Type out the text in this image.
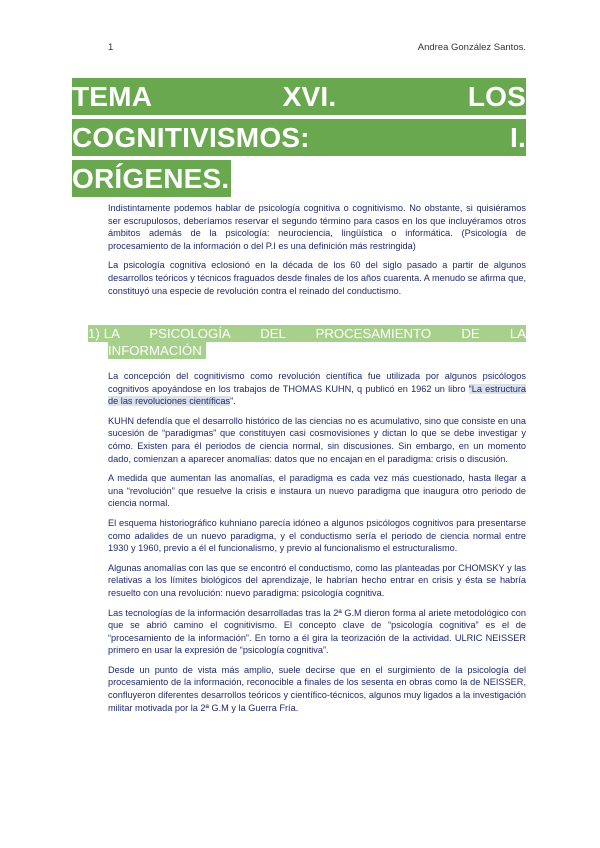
1	Andrea González Santos.
TEMA XVI. LOS
COGNITIVISMOS: I.
ORÍGENES.

Indistintamente podemos hablar de psicología cognitiva o cognitivismo. No obstante, si quisiéramos ser escrupulosos, deberíamos reservar el segundo término para casos en los que incluyéramos otros ámbitos además de la psicología: neurociencia, lingüística o informática. (Psicología de procesamiento de la información o del P.I es una definición más restringida)

La psicología cognitiva eclosionó en la década de los 60 del siglo pasado a partir de algunos desarrollos teóricos y técnicos fraguados desde finales de los años cuarenta. A menudo se afirma que, constituyó una especie de revolución contra el reinado del conductismo.

1) LA PSICOLOGÍA DEL PROCESAMIENTO DE LA
INFORMACIÓN

La concepción del cognitivismo como revolución científica fue utilizada por algunos psicólogos cognitivos apoyándose en los trabajos de THOMAS KUHN, q publicó en 1962 un libro “La estructura de las revoluciones científicas”.

KUHN defendía que el desarrollo histórico de las ciencias no es acumulativo, sino que consiste en una sucesión de “paradigmas” que constituyen casi cosmovisiones y dictan lo que se debe investigar y cómo. Existen para él periodos de ciencia normal, sin discusiones. Sin embargo, en un momento dado, comienzan a aparecer anomalías: datos que no encajan en el paradigma: crisis o discusión.

A medida que aumentan las anomalías, el paradigma es cada vez más cuestionado, hasta llegar a una “revolución” que resuelve la crisis e instaura un nuevo paradigma que inaugura otro periodo de ciencia normal.

El esquema historiográfico kuhniano parecía idóneo a algunos psicólogos cognitivos para presentarse como adalides de un nuevo paradigma, y el conductismo sería el periodo de ciencia normal entre 1930 y 1960, previo a él el funcionalismo, y previo al funcionalismo el estructuralismo.

Algunas anomalías con las que se encontró el conductismo, como las planteadas por CHOMSKY y las relativas a los límites biológicos del aprendizaje, le habrían hecho entrar en crisis y ésta se habría resuelto con una revolución: nuevo paradigma: psicología cognitiva.

Las tecnologías de la información desarrolladas tras la 2ª G.M dieron forma al ariete metodológico con que se abrió camino el cognitivismo. El concepto clave de “psicología cognitiva” es el de “procesamiento de la información”. En torno a él gira la teorización de la actividad. ULRIC NEISSER primero en usar la expresión de “psicología cognitiva”.

Desde un punto de vista más amplio, suele decirse que en el surgimiento de la psicología del procesamiento de la información, reconocible a finales de los sesenta en obras como la de NEISSER, confluyeron diferentes desarrollos teóricos y científico-técnicos, algunos muy ligados a la investigación militar motivada por la 2ª G.M y la Guerra Fría.
